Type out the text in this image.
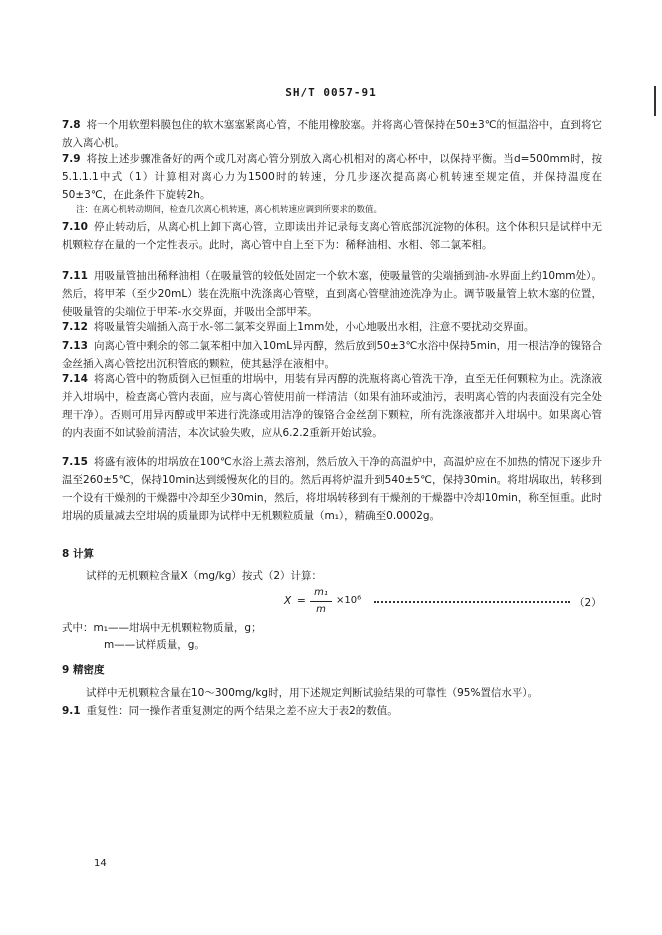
SH/T 0057-91
7.8 将一个用软塑料膜包住的软木塞塞紧离心管，不能用橡胶塞。并将离心管保持在50±3℃的恒温浴中，直到将它放入离心机。
7.9 将按上述步骤准备好的两个或几对离心管分别放入离心机相对的离心杯中，以保持平衡。当d=500mm时，按5.1.1.1中式（1）计算相对离心力为1500时的转速，分几步逐次提高离心机转速至规定值，并保持温度在50±3℃，在此条件下旋转2h。
注：在离心机转动期间，检查几次离心机转速，离心机转速应调到所要求的数值。
7.10 停止转动后，从离心机上卸下离心管，立即读出并记录每支离心管底部沉淀物的体积。这个体积只是试样中无机颗粒存在量的一个定性表示。此时，离心管中自上至下为：稀释油相、水相、邻二氯苯相。
7.11 用吸量管抽出稀释油相（在吸量管的较低处固定一个软木塞，使吸量管的尖端插到油-水界面上约10mm处）。然后，将甲苯（至少20mL）装在洗瓶中洗涤离心管壁，直到离心管壁油迹洗净为止。调节吸量管上软木塞的位置，使吸量管的尖端位于甲苯-水交界面，并吸出全部甲苯。
7.12 将吸量管尖端插入高于水-邻二氯苯交界面上1mm处，小心地吸出水相，注意不要扰动交界面。
7.13 向离心管中剩余的邻二氯苯相中加入10mL异丙醇，然后放到50±3℃水浴中保持5min，用一根洁净的镍铬合金丝插入离心管挖出沉积管底的颗粒，使其悬浮在液相中。
7.14 将离心管中的物质倒入已恒重的坩埚中，用装有异丙醇的洗瓶将离心管洗干净，直至无任何颗粒为止。洗涤液并入坩埚中，检查离心管内表面，应与离心管使用前一样清洁（如果有油环或油污，表明离心管的内表面没有完全处理干净）。否则可用异丙醇或甲苯进行洗涤或用洁净的镍铬合金丝刮下颗粒，所有洗涤液都并入坩埚中。如果离心管的内表面不如试验前清洁，本次试验失败，应从6.2.2重新开始试验。
7.15 将盛有液体的坩埚放在100℃水浴上蒸去溶剂，然后放入干净的高温炉中，高温炉应在不加热的情况下逐步升温至260±5℃，保持10min达到缓慢灰化的目的。然后再将炉温升到540±5℃，保持30min。将坩埚取出，转移到一个设有干燥剂的干燥器中冷却至少30min，然后，将坩埚转移到有干燥剂的干燥器中冷却10min，称至恒重。此时坩埚的质量减去空坩埚的质量即为试样中无机颗粒质量（m₁），精确至0.0002g。
8 计算
试样的无机颗粒含量X（mg/kg）按式（2）计算：
X =
m₁
m
×10⁶	（2）
式中：m₁——坩埚中无机颗粒物质量，g；
m——试样质量，g。
9 精密度
试样中无机颗粒含量在10～300mg/kg时，用下述规定判断试验结果的可靠性（95%置信水平）。
9.1 重复性：同一操作者重复测定的两个结果之差不应大于表2的数值。
14
